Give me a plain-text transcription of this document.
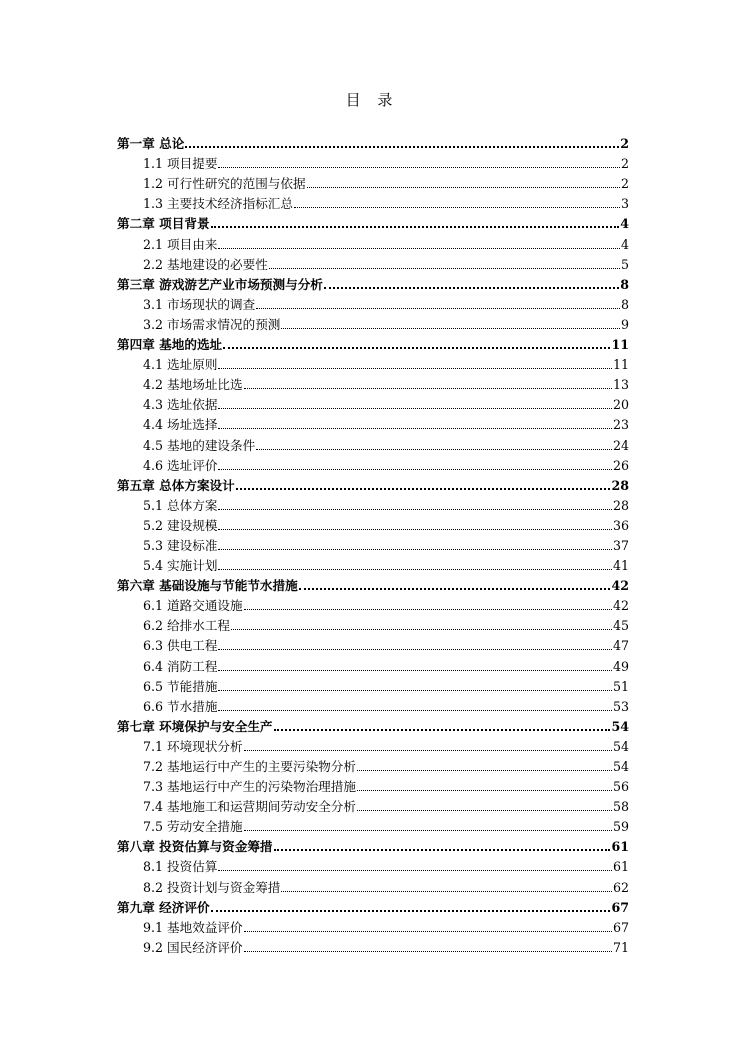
目 录
第一章 总论	2
1.1 项目提要	2
1.2 可行性研究的范围与依据	2
1.3 主要技术经济指标汇总	3
第二章 项目背景	4
2.1 项目由来	4
2.2 基地建设的必要性	5
第三章 游戏游艺产业市场预测与分析	8
3.1 市场现状的调查	8
3.2 市场需求情况的预测	9
第四章 基地的选址	11
4.1 选址原则	11
4.2 基地场址比选	13
4.3 选址依据	20
4.4 场址选择	23
4.5 基地的建设条件	24
4.6 选址评价	26
第五章 总体方案设计	28
5.1 总体方案	28
5.2 建设规模	36
5.3 建设标准	37
5.4 实施计划	41
第六章 基础设施与节能节水措施	42
6.1 道路交通设施	42
6.2 给排水工程	45
6.3 供电工程	47
6.4 消防工程	49
6.5 节能措施	51
6.6 节水措施	53
第七章 环境保护与安全生产	54
7.1 环境现状分析	54
7.2 基地运行中产生的主要污染物分析	54
7.3 基地运行中产生的污染物治理措施	56
7.4 基地施工和运营期间劳动安全分析	58
7.5 劳动安全措施	59
第八章 投资估算与资金筹措	61
8.1 投资估算	61
8.2 投资计划与资金筹措	62
第九章 经济评价	67
9.1 基地效益评价	67
9.2 国民经济评价	71
